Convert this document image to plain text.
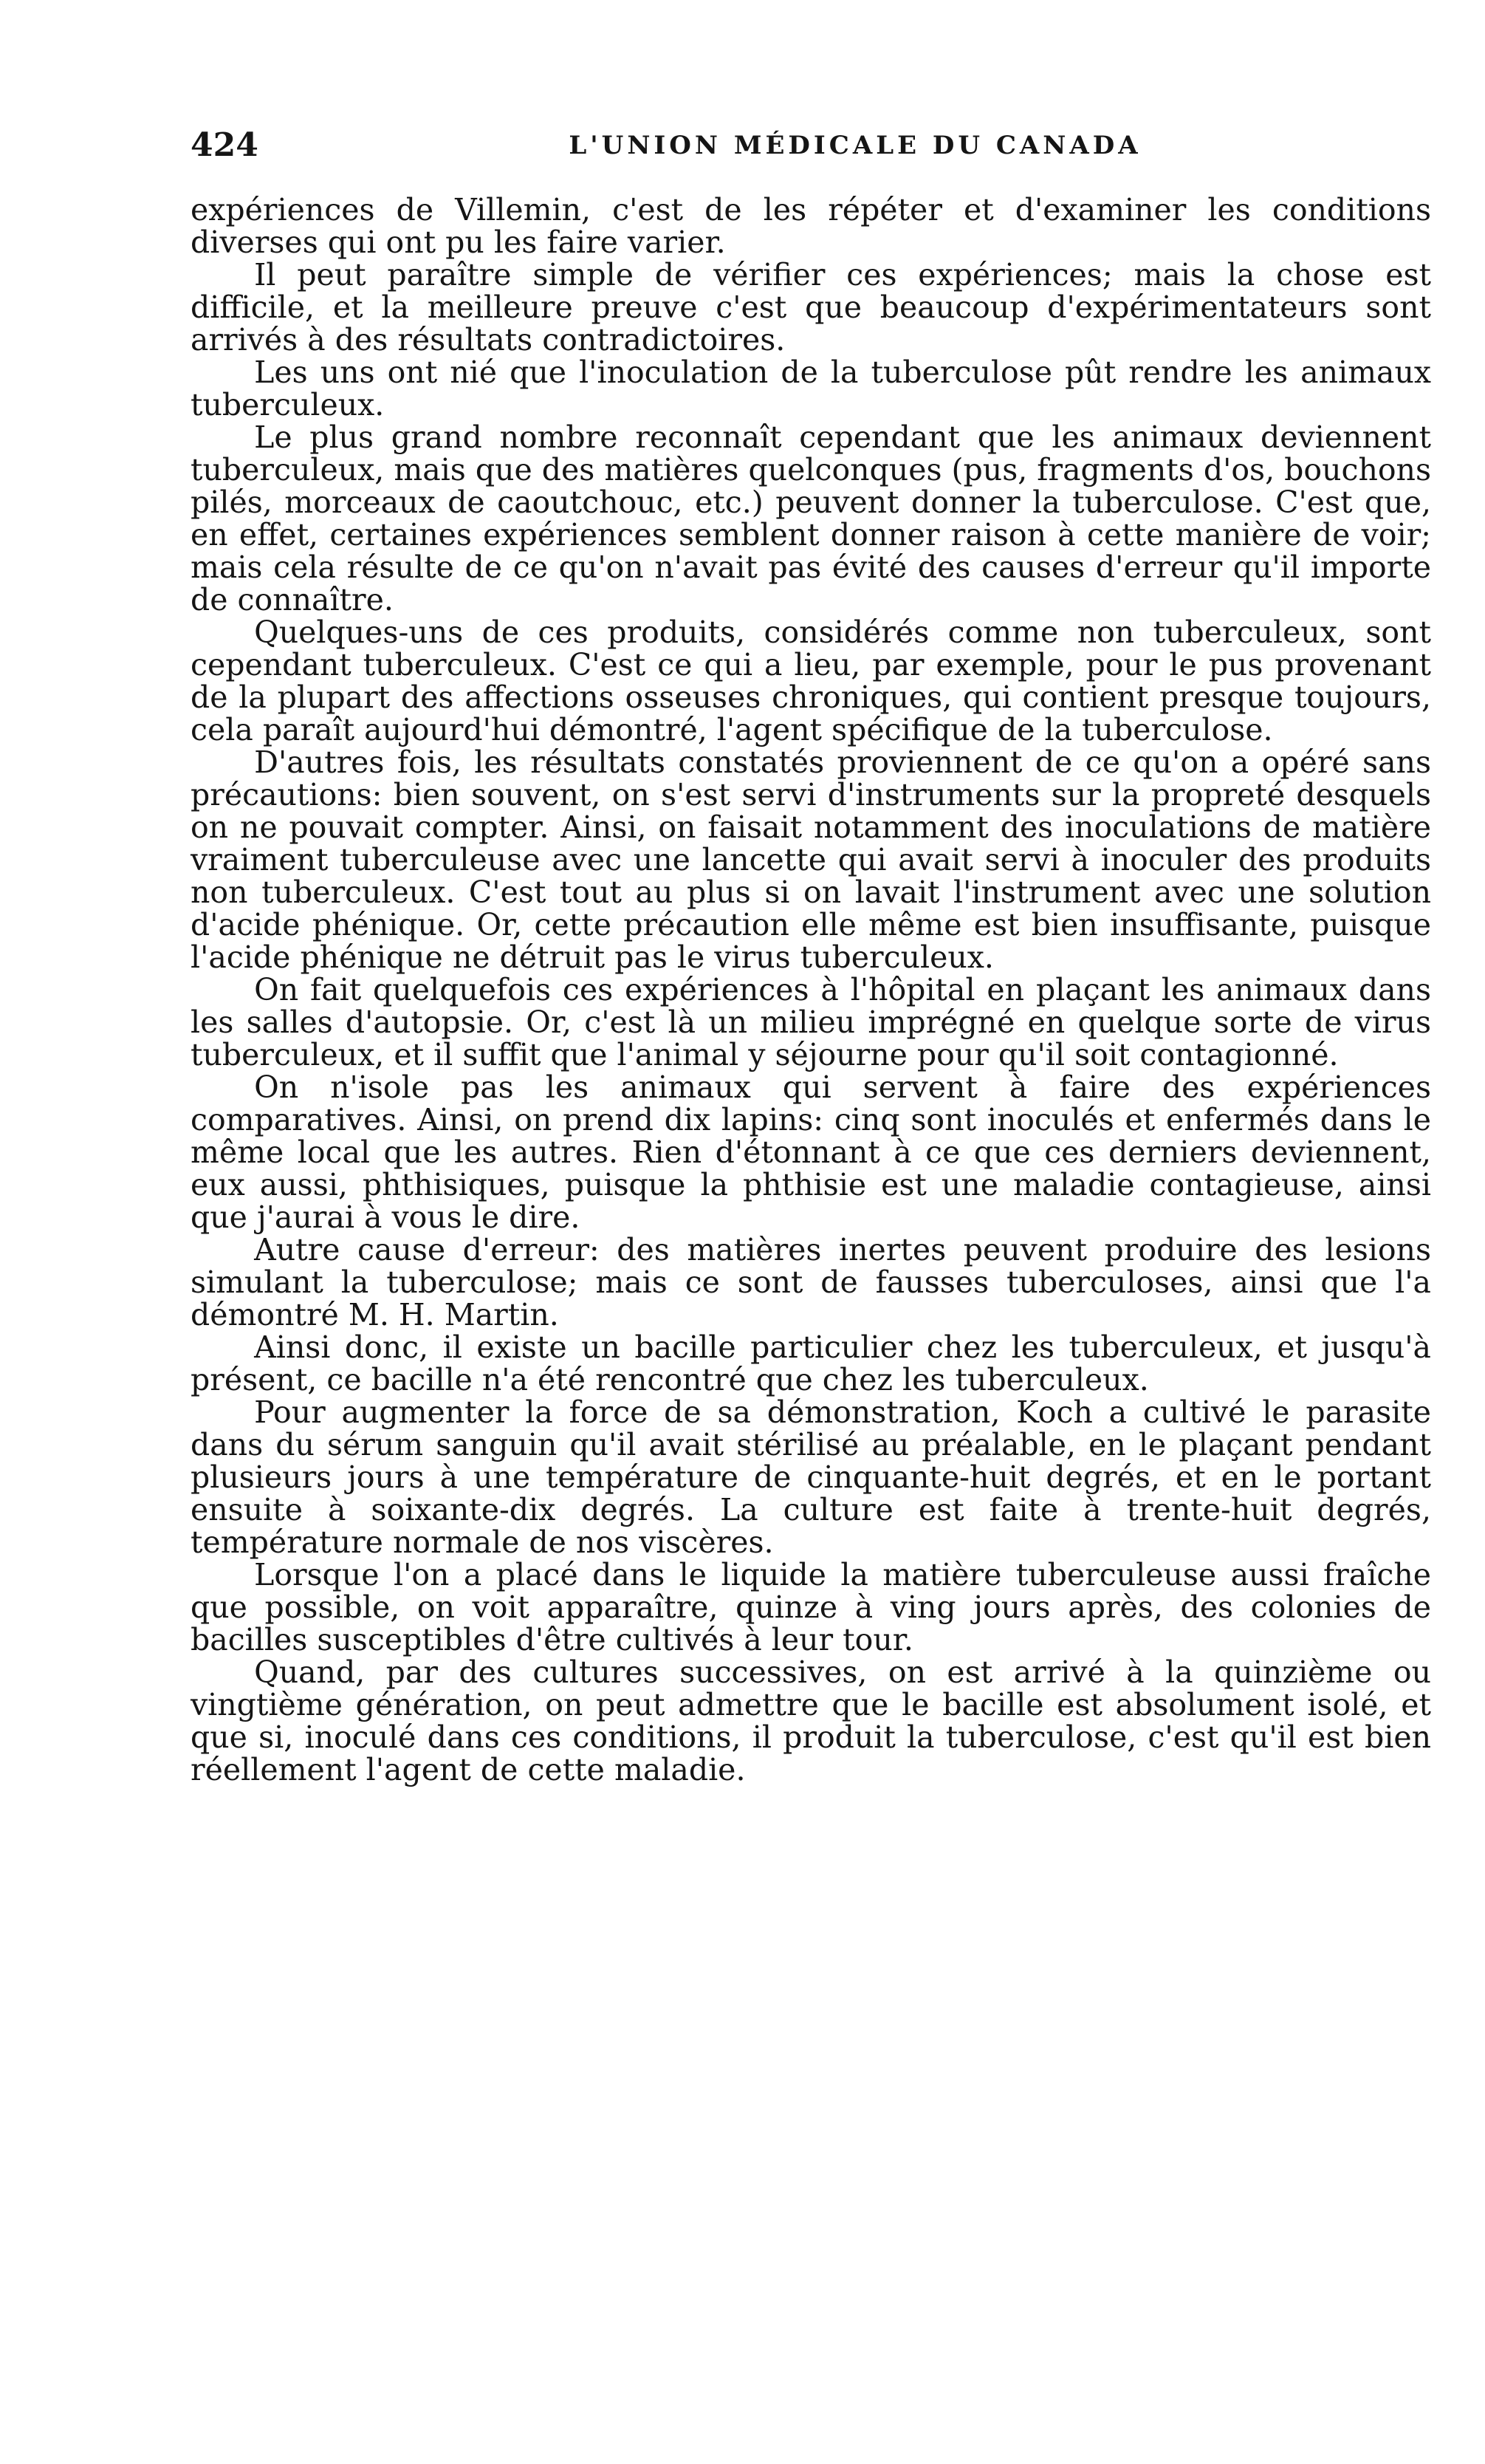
424	L'UNION MÉDICALE DU CANADA

expériences de Villemin, c'est de les répéter et d'examiner les conditions diverses qui ont pu les faire varier.

Il peut paraître simple de vérifier ces expériences; mais la chose est difficile, et la meilleure preuve c'est que beaucoup d'expérimentateurs sont arrivés à des résultats contradictoires.

Les uns ont nié que l'inoculation de la tuberculose pût rendre les animaux tuberculeux.

Le plus grand nombre reconnaît cependant que les animaux deviennent tuberculeux, mais que des matières quelconques (pus, fragments d'os, bouchons pilés, morceaux de caoutchouc, etc.) peuvent donner la tuberculose. C'est que, en effet, certaines expériences semblent donner raison à cette manière de voir; mais cela résulte de ce qu'on n'avait pas évité des causes d'erreur qu'il importe de connaître.

Quelques-uns de ces produits, considérés comme non tuberculeux, sont cependant tuberculeux. C'est ce qui a lieu, par exemple, pour le pus provenant de la plupart des affections osseuses chroniques, qui contient presque toujours, cela paraît aujourd'hui démontré, l'agent spécifique de la tuberculose.

D'autres fois, les résultats constatés proviennent de ce qu'on a opéré sans précautions: bien souvent, on s'est servi d'instruments sur la propreté desquels on ne pouvait compter. Ainsi, on faisait notamment des inoculations de matière vraiment tuberculeuse avec une lancette qui avait servi à inoculer des produits non tuberculeux. C'est tout au plus si on lavait l'instrument avec une solution d'acide phénique. Or, cette précaution elle même est bien insuffisante, puisque l'acide phénique ne détruit pas le virus tuberculeux.

On fait quelquefois ces expériences à l'hôpital en plaçant les animaux dans les salles d'autopsie. Or, c'est là un milieu imprégné en quelque sorte de virus tuberculeux, et il suffit que l'animal y séjourne pour qu'il soit contagionné.

On n'isole pas les animaux qui servent à faire des expériences comparatives. Ainsi, on prend dix lapins: cinq sont inoculés et enfermés dans le même local que les autres. Rien d'étonnant à ce que ces derniers deviennent, eux aussi, phthisiques, puisque la phthisie est une maladie contagieuse, ainsi que j'aurai à vous le dire.

Autre cause d'erreur: des matières inertes peuvent produire des lesions simulant la tuberculose; mais ce sont de fausses tuberculoses, ainsi que l'a démontré M. H. Martin.

Ainsi donc, il existe un bacille particulier chez les tuberculeux, et jusqu'à présent, ce bacille n'a été rencontré que chez les tuberculeux.

Pour augmenter la force de sa démonstration, Koch a cultivé le parasite dans du sérum sanguin qu'il avait stérilisé au préalable, en le plaçant pendant plusieurs jours à une température de cinquante-huit degrés, et en le portant ensuite à soixante-dix degrés. La culture est faite à trente-huit degrés, température normale de nos viscères.

Lorsque l'on a placé dans le liquide la matière tuberculeuse aussi fraîche que possible, on voit apparaître, quinze à ving jours après, des colonies de bacilles susceptibles d'être cultivés à leur tour.

Quand, par des cultures successives, on est arrivé à la quinzième ou vingtième génération, on peut admettre que le bacille est absolument isolé, et que si, inoculé dans ces conditions, il produit la tuberculose, c'est qu'il est bien réellement l'agent de cette maladie.
